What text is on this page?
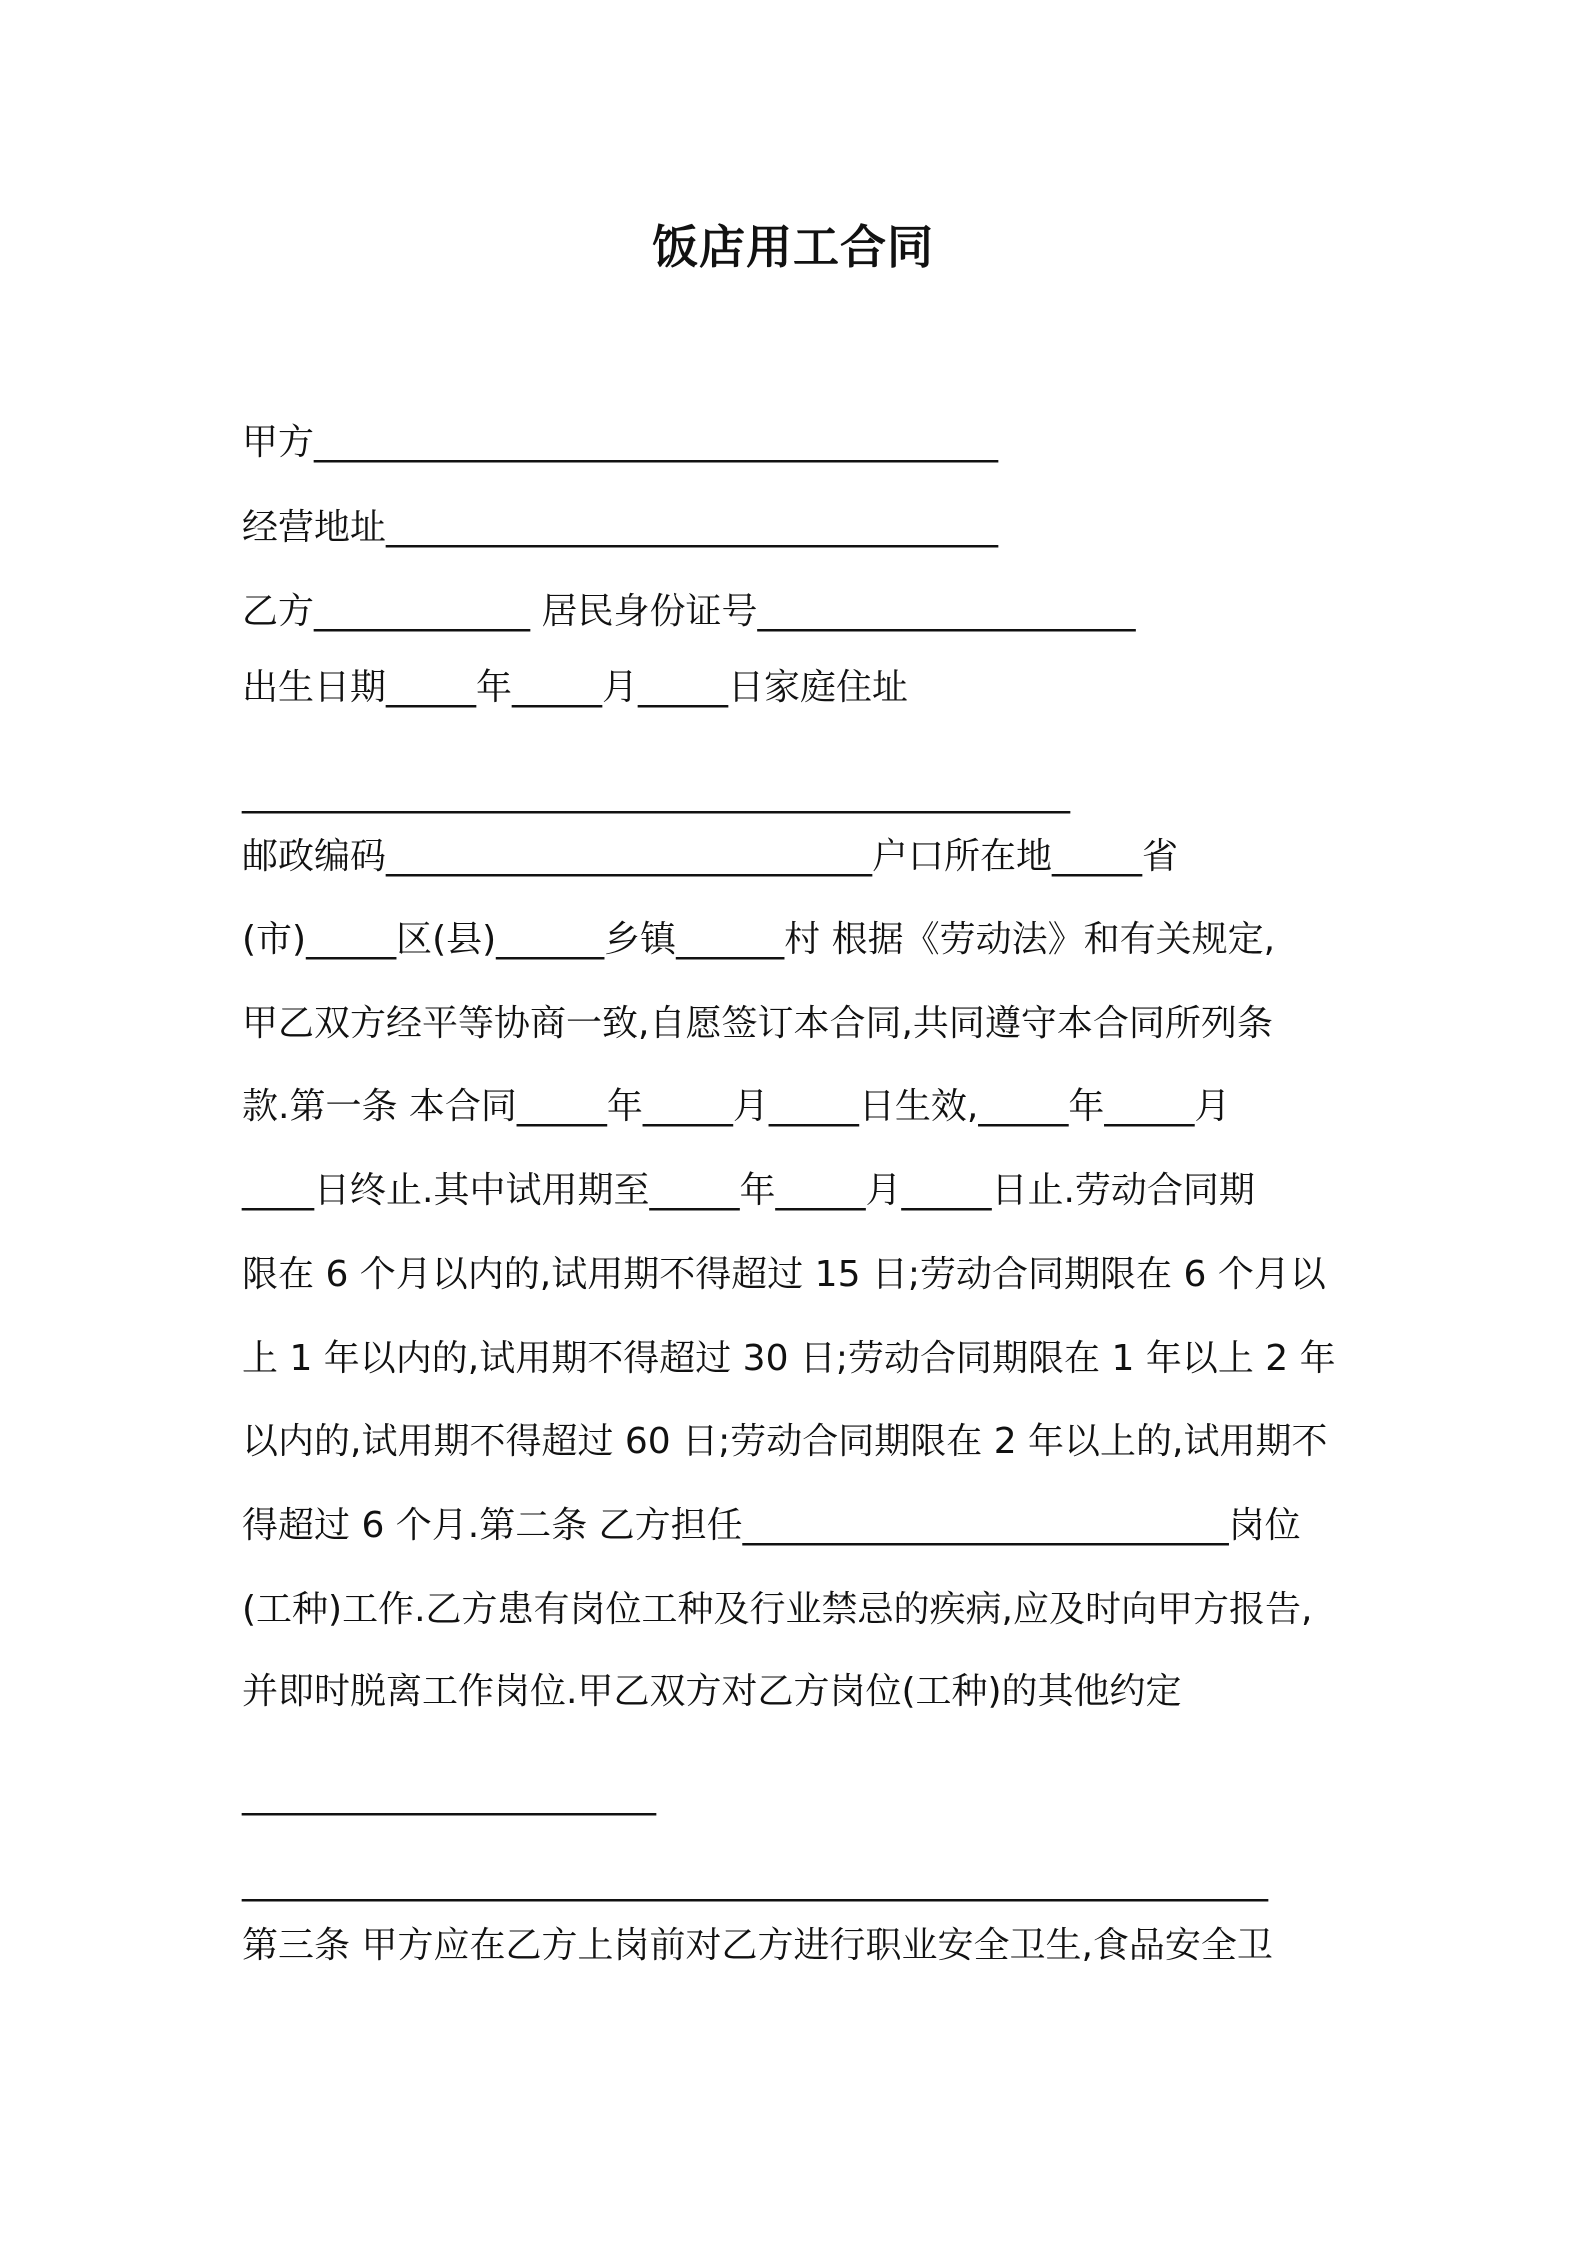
饭店用工合同
甲方______________________________________
经营地址__________________________________
乙方____________ 居民身份证号_____________________
出生日期_____年_____月_____日家庭住址
______________________________________________
邮政编码___________________________户口所在地_____省
(市)_____区(县)______乡镇______村 根据《劳动法》和有关规定,
甲乙双方经平等协商一致,自愿签订本合同,共同遵守本合同所列条
款.第一条 本合同_____年_____月_____日生效,_____年_____月
____日终止.其中试用期至_____年_____月_____日止.劳动合同期
限在 6 个月以内的,试用期不得超过 15 日;劳动合同期限在 6 个月以
上 1 年以内的,试用期不得超过 30 日;劳动合同期限在 1 年以上 2 年
以内的,试用期不得超过 60 日;劳动合同期限在 2 年以上的,试用期不
得超过 6 个月.第二条 乙方担任___________________________岗位
(工种)工作.乙方患有岗位工种及行业禁忌的疾病,应及时向甲方报告,
并即时脱离工作岗位.甲乙双方对乙方岗位(工种)的其他约定
_______________________
_________________________________________________________
第三条 甲方应在乙方上岗前对乙方进行职业安全卫生,食品安全卫
